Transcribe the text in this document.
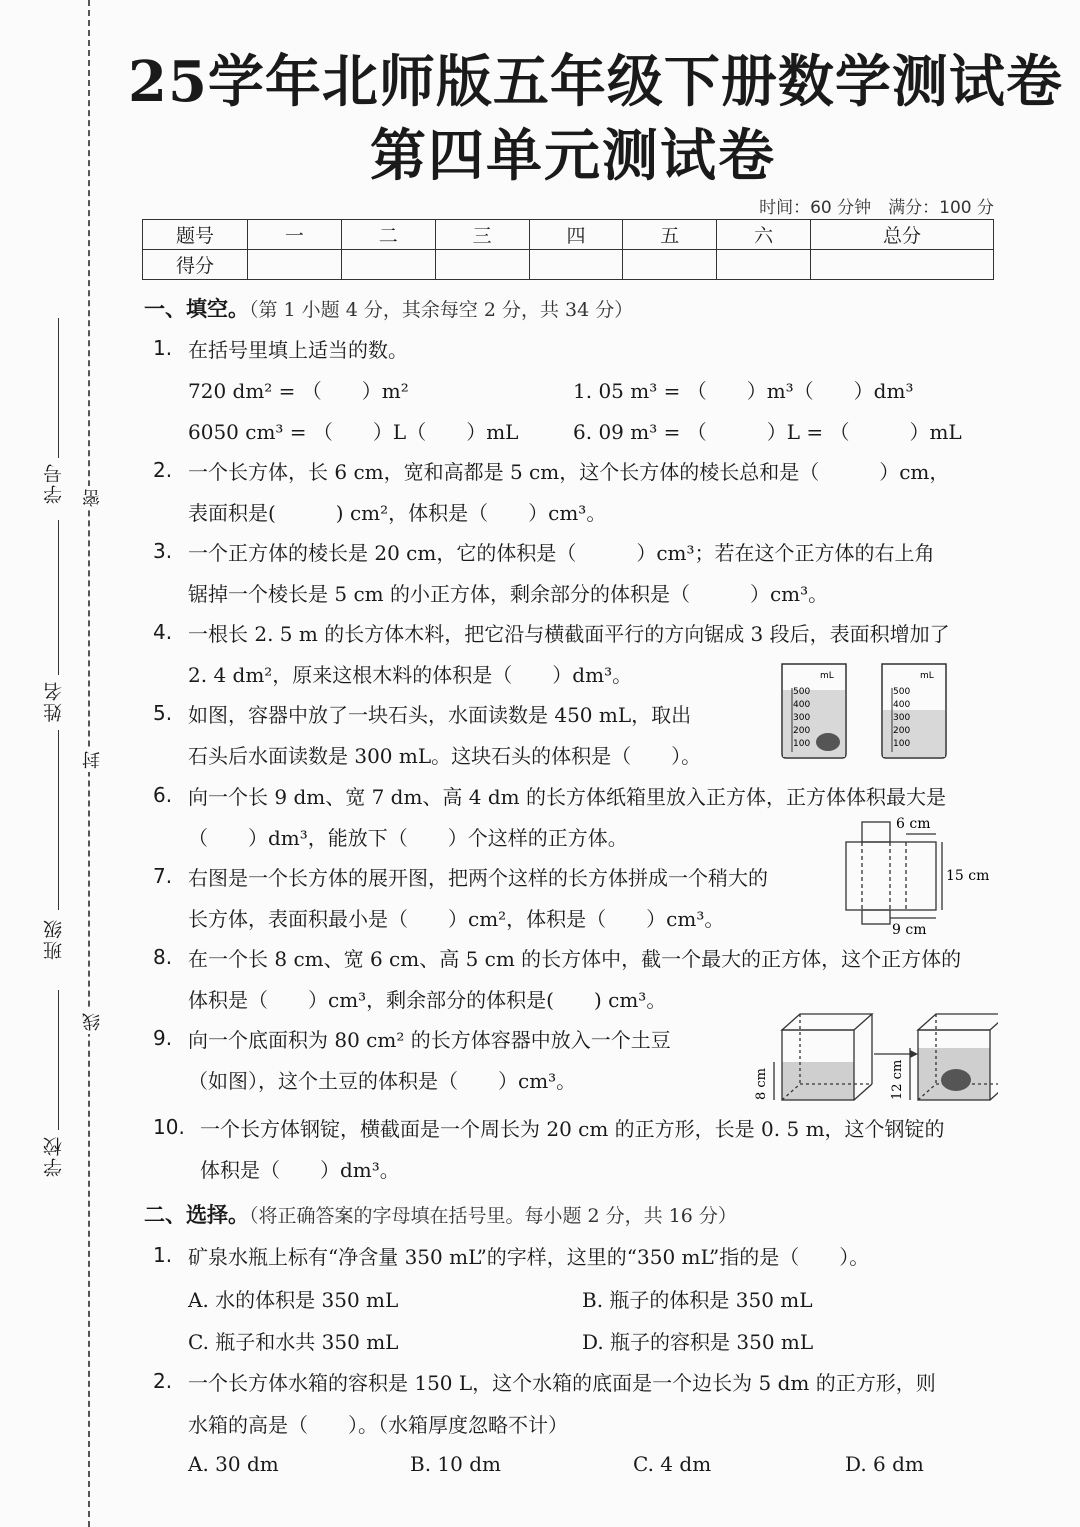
学号
姓名
班级
学校
密
封
线
25学年北师版五年级下册数学测试卷
第四单元测试卷
时间：60 分钟　满分：100 分
题号	一	二	三	四	五	六	总分
得分							
一、填空。（第 1 小题 4 分，其余每空 2 分，共 34 分）
1. 在括号里填上适当的数。
720 dm² = （　　）m²	1. 05 m³ = （　　）m³（　　）dm³
6050 cm³ = （　　）L（　　）mL	6. 09 m³ = （　　　）L = （　　　）mL
2. 一个长方体，长 6 cm，宽和高都是 5 cm，这个长方体的棱长总和是（　　　）cm，
表面积是(　　　) cm²，体积是（　　）cm³。
3. 一个正方体的棱长是 20 cm，它的体积是（　　　）cm³；若在这个正方体的右上角
锯掉一个棱长是 5 cm 的小正方体，剩余部分的体积是（　　　）cm³。
4. 一根长 2. 5 m 的长方体木料，把它沿与横截面平行的方向锯成 3 段后，表面积增加了
2. 4 dm²，原来这根木料的体积是（　　）dm³。
5. 如图，容器中放了一块石头，水面读数是 450 mL，取出
石头后水面读数是 300 mL。这块石头的体积是（　　）。
mL
500
400
300
200
100
mL
500
400
300
200
100
6. 向一个长 9 dm、宽 7 dm、高 4 dm 的长方体纸箱里放入正方体，正方体体积最大是
（　　）dm³，能放下（　　）个这样的正方体。
6 cm
15 cm
9 cm
7. 右图是一个长方体的展开图，把两个这样的长方体拼成一个稍大的
长方体，表面积最小是（　　）cm²，体积是（　　）cm³。
8. 在一个长 8 cm、宽 6 cm、高 5 cm 的长方体中，截一个最大的正方体，这个正方体的
体积是（　　）cm³，剩余部分的体积是(　　) cm³。
9. 向一个底面积为 80 cm² 的长方体容器中放入一个土豆
（如图），这个土豆的体积是（　　）cm³。	8 cm	12 cm
10. 一个长方体钢锭，横截面是一个周长为 20 cm 的正方形，长是 0. 5 m，这个钢锭的
体积是（　　）dm³。
二、选择。（将正确答案的字母填在括号里。每小题 2 分，共 16 分）
1. 矿泉水瓶上标有“净含量 350 mL”的字样，这里的“350 mL”指的是（　　）。
A. 水的体积是 350 mL	B. 瓶子的体积是 350 mL
C. 瓶子和水共 350 mL	D. 瓶子的容积是 350 mL
2. 一个长方体水箱的容积是 150 L，这个水箱的底面是一个边长为 5 dm 的正方形，则
水箱的高是（　　）。（水箱厚度忽略不计）
A. 30 dm	B. 10 dm	C. 4 dm	D. 6 dm
